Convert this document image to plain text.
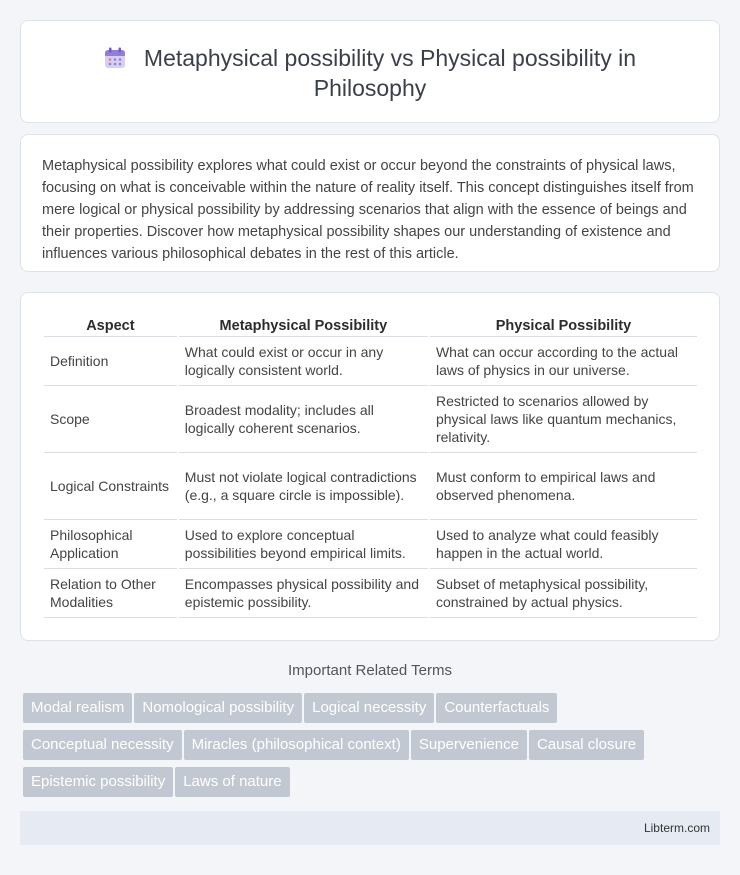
Metaphysical possibility vs Physical possibility in
Philosophy

Metaphysical possibility explores what could exist or occur beyond the constraints of physical laws, focusing on what is conceivable within the nature of reality itself. This concept distinguishes itself from mere logical or physical possibility by addressing scenarios that align with the essence of beings and their properties. Discover how metaphysical possibility shapes our understanding of existence and influences various philosophical debates in the rest of this article.

Aspect	Metaphysical Possibility	Physical Possibility
Definition	What could exist or occur in any logically consistent world.	What can occur according to the actual laws of physics in our universe.
Scope	Broadest modality; includes all logically coherent scenarios.	Restricted to scenarios allowed by physical laws like quantum mechanics, relativity.
Logical Constraints	Must not violate logical contradictions (e.g., a square circle is impossible).	Must conform to empirical laws and observed phenomena.
Philosophical Application	Used to explore conceptual possibilities beyond empirical limits.	Used to analyze what could feasibly happen in the actual world.
Relation to Other Modalities	Encompasses physical possibility and epistemic possibility.	Subset of metaphysical possibility, constrained by actual physics.
Important Related Terms
Modal realism Nomological possibility Logical necessity CounterfactualsConceptual necessity Miracles (philosophical context) Supervenience Causal closureEpistemic possibility Laws of nature
Libterm.com
